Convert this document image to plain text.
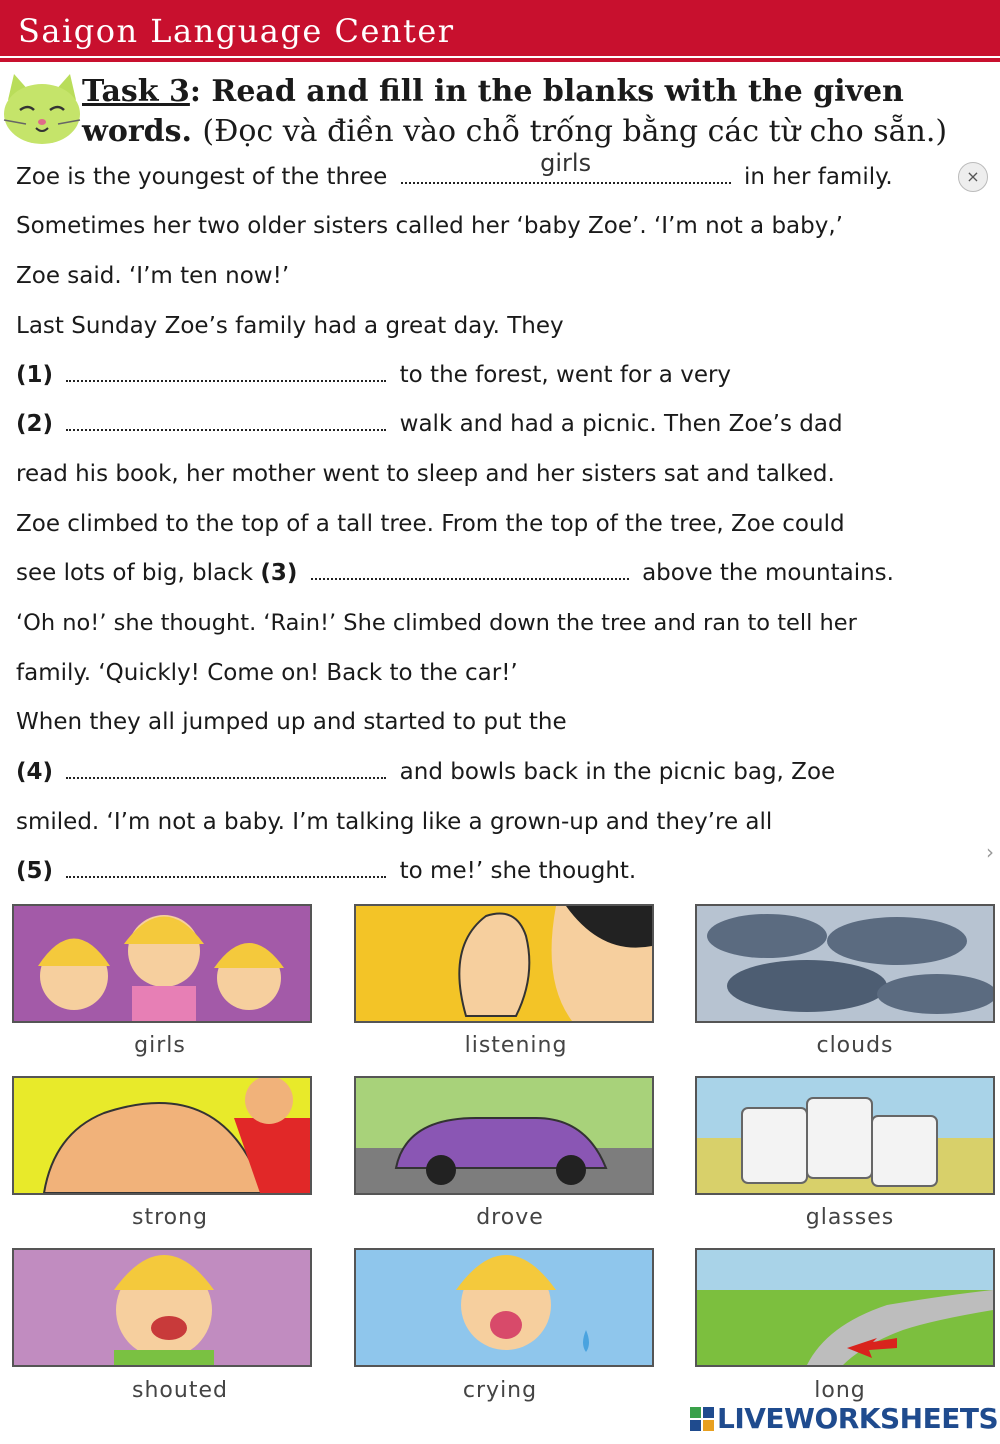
Saigon Language Center
Task 3: Read and fill in the blanks with the given words. (Đọc và điền vào chỗ trống bằng các từ cho sẵn.)
Zoe is the youngest of the three	girls	in her family.
Sometimes her two older sisters called her ‘baby Zoe’. ‘I’m not a baby,’
Zoe said. ‘I’m ten now!’
Last Sunday Zoe’s family had a great day. They
(1)	to the forest, went for a very
(2)	walk and had a picnic. Then Zoe’s dad
read his book, her mother went to sleep and her sisters sat and talked.
Zoe climbed to the top of a tall tree. From the top of the tree, Zoe could
see lots of big, black (3)	above the mountains.
‘Oh no!’ she thought. ‘Rain!’ She climbed down the tree and ran to tell her
family. ‘Quickly! Come on! Back to the car!’
When they all jumped up and started to put the
(4)	and bowls back in the picnic bag, Zoe
smiled. ‘I’m not a baby. I’m talking like a grown-up and they’re all
(5)	to me!’ she thought.
×
girls	listening	clouds
strong	drove	glasses
shouted	crying	long
›
LIVEWORKSHEETS
